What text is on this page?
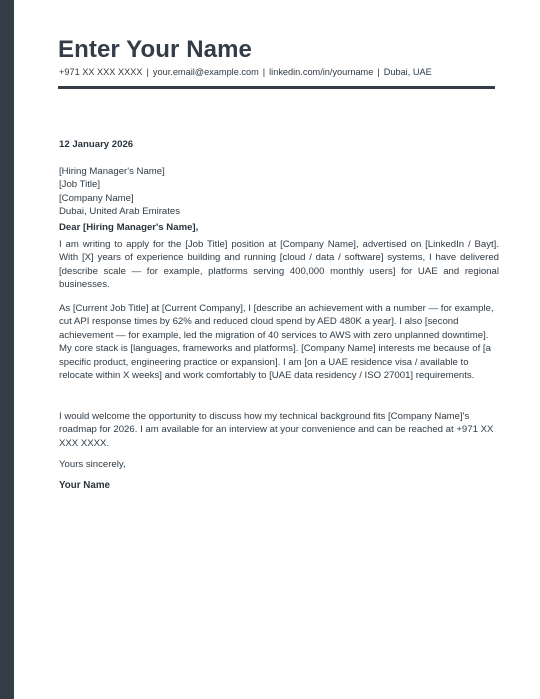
Enter Your Name
+971 XX XXX XXXX | your.email@example.com | linkedin.com/in/yourname | Dubai, UAE
12 January 2026
[Hiring Manager's Name]
[Job Title]
[Company Name]
Dubai, United Arab Emirates
Dear [Hiring Manager's Name],

I am writing to apply for the [Job Title] position at [Company Name], advertised on [LinkedIn / Bayt]. With [X] years of experience building and running [cloud / data / software] systems, I have delivered [describe scale — for example, platforms serving 400,000 monthly users] for UAE and regional businesses.

As [Current Job Title] at [Current Company], I [describe an achievement with a number — for example, cut API response times by 62% and reduced cloud spend by AED 480K a year]. I also [second achievement — for example, led the migration of 40 services to AWS with zero unplanned downtime]. My core stack is [languages, frameworks and platforms]. [Company Name] interests me because of [a specific product, engineering practice or expansion]. I am [on a UAE residence visa / available to relocate within X weeks] and work comfortably to [UAE data residency / ISO 27001] requirements.

I would welcome the opportunity to discuss how my technical background fits [Company Name]'s roadmap for 2026. I am available for an interview at your convenience and can be reached at +971 XX XXX XXXX.

Yours sincerely,
Your Name
